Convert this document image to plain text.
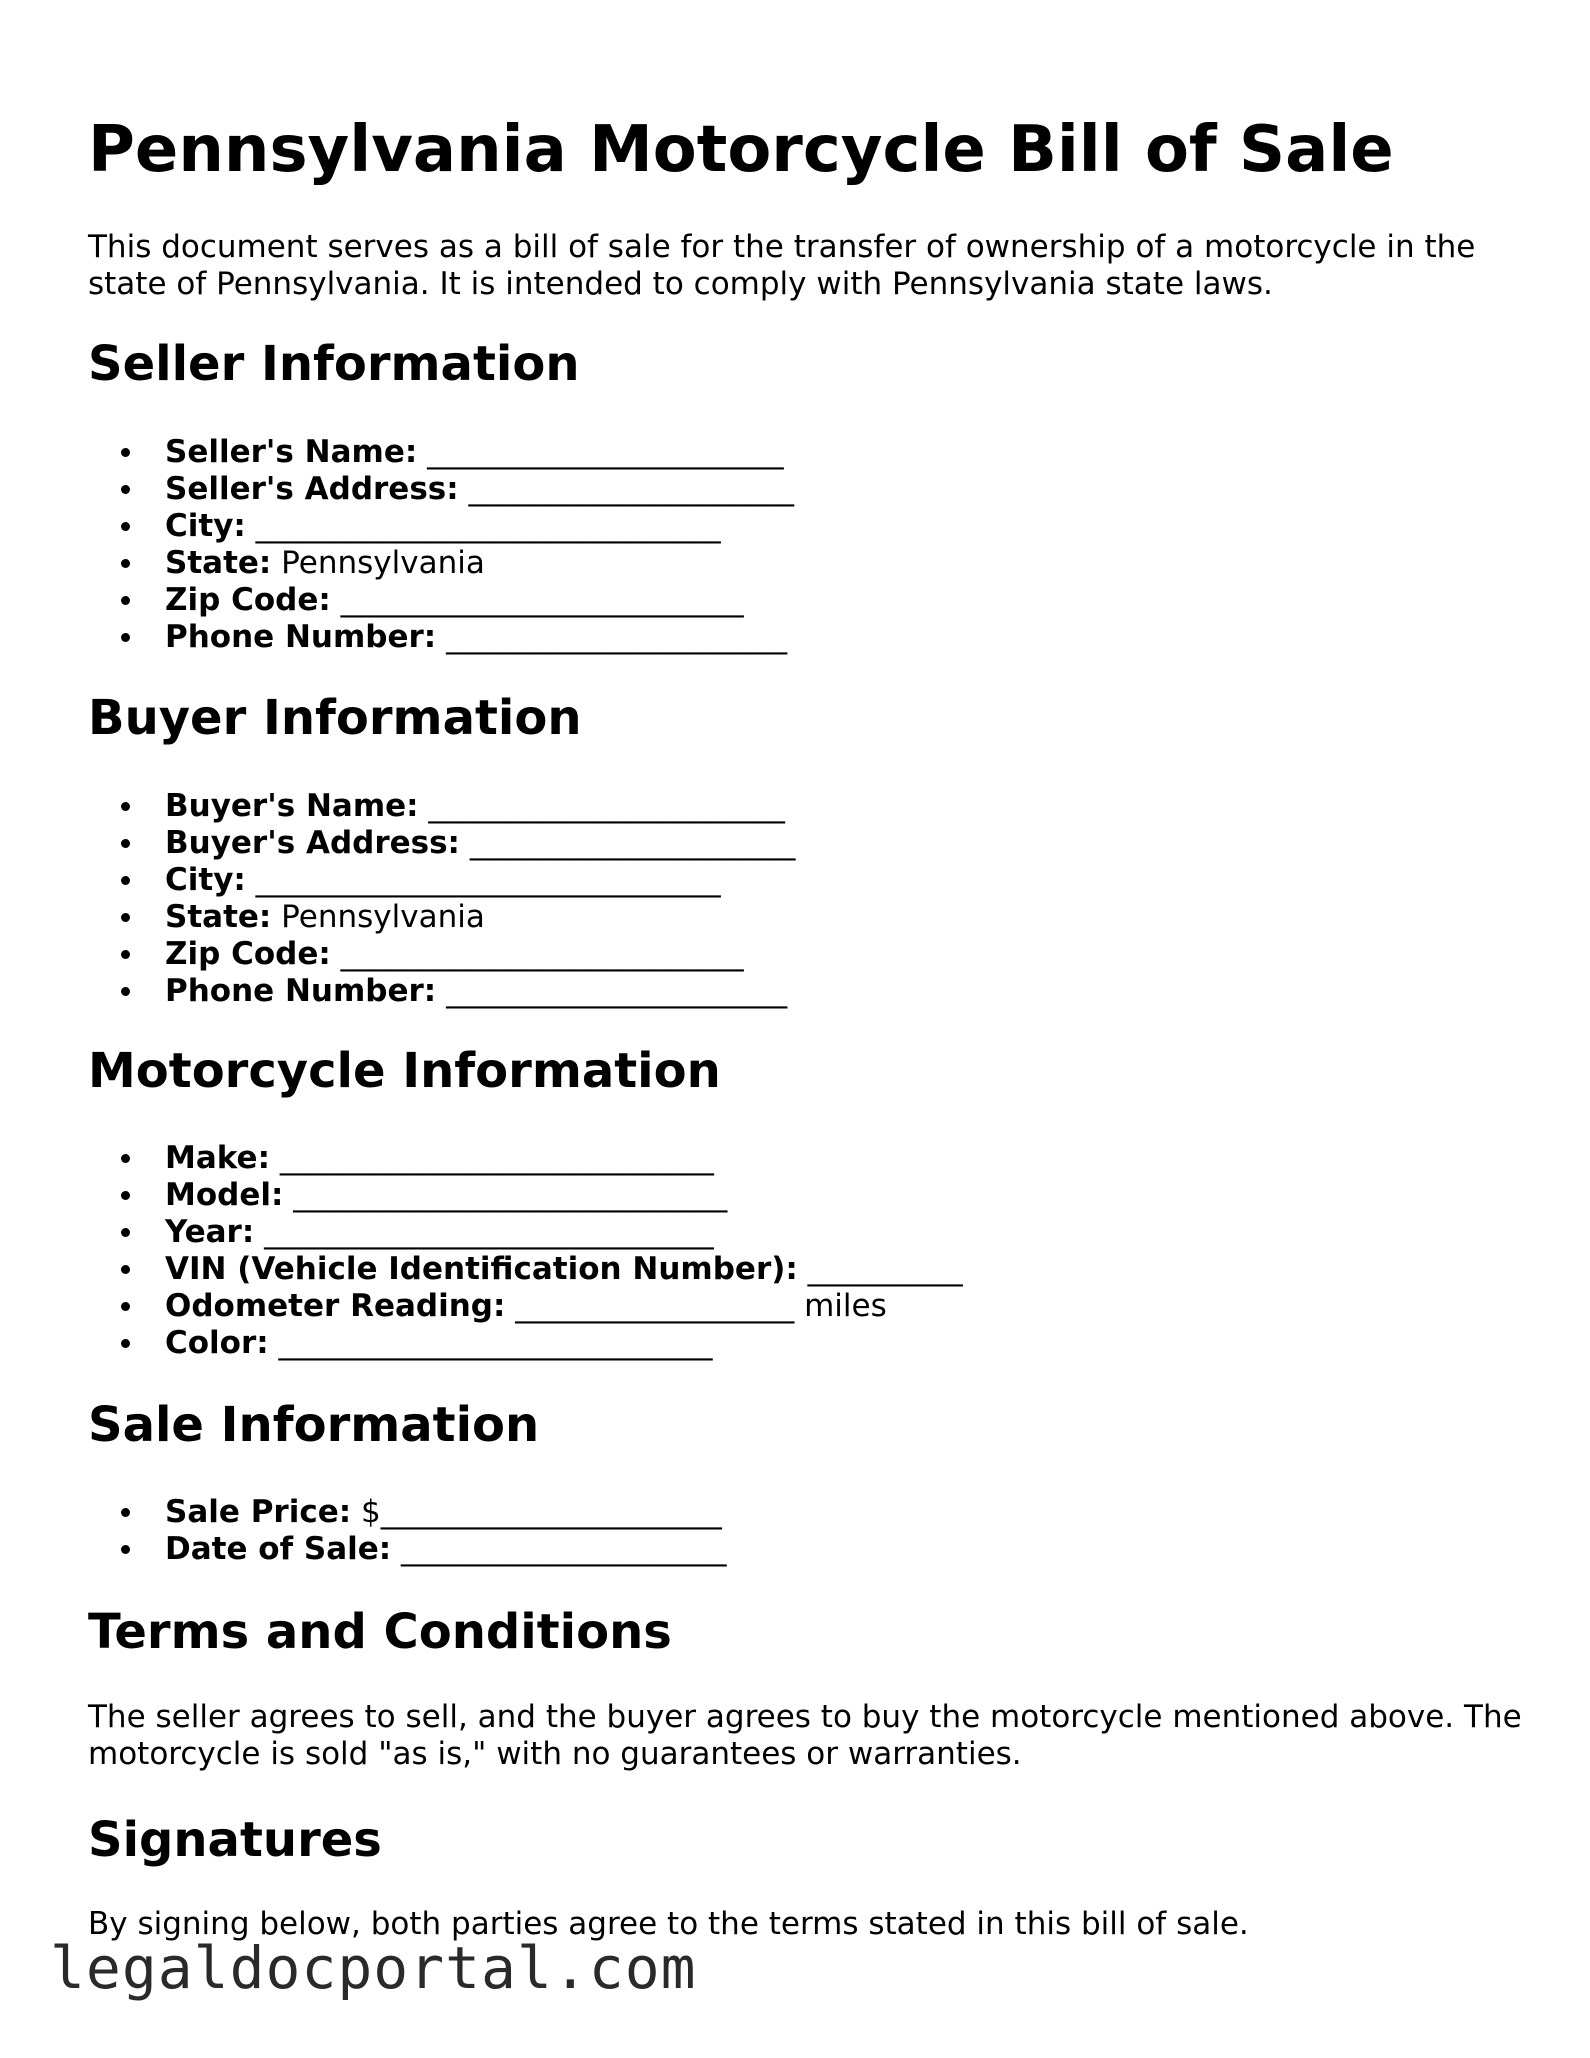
Pennsylvania Motorcycle Bill of Sale

This document serves as a bill of sale for the transfer of ownership of a motorcycle in the state of Pennsylvania. It is intended to comply with Pennsylvania state laws.

Seller Information
Seller's Name: _______________________
Seller's Address: _____________________
City: ______________________________
State: Pennsylvania
Zip Code: __________________________
Phone Number: ______________________
Buyer Information
Buyer's Name: _______________________
Buyer's Address: _____________________
City: ______________________________
State: Pennsylvania
Zip Code: __________________________
Phone Number: ______________________
Motorcycle Information
Make: ____________________________
Model: ____________________________
Year: _____________________________
VIN (Vehicle Identification Number): __________
Odometer Reading: __________________ miles
Color: ____________________________
Sale Information
Sale Price: $______________________
Date of Sale: _____________________
Terms and Conditions

The seller agrees to sell, and the buyer agrees to buy the motorcycle mentioned above. The motorcycle is sold "as is," with no guarantees or warranties.

Signatures

By signing below, both parties agree to the terms stated in this bill of sale.

legaldocportal.com
